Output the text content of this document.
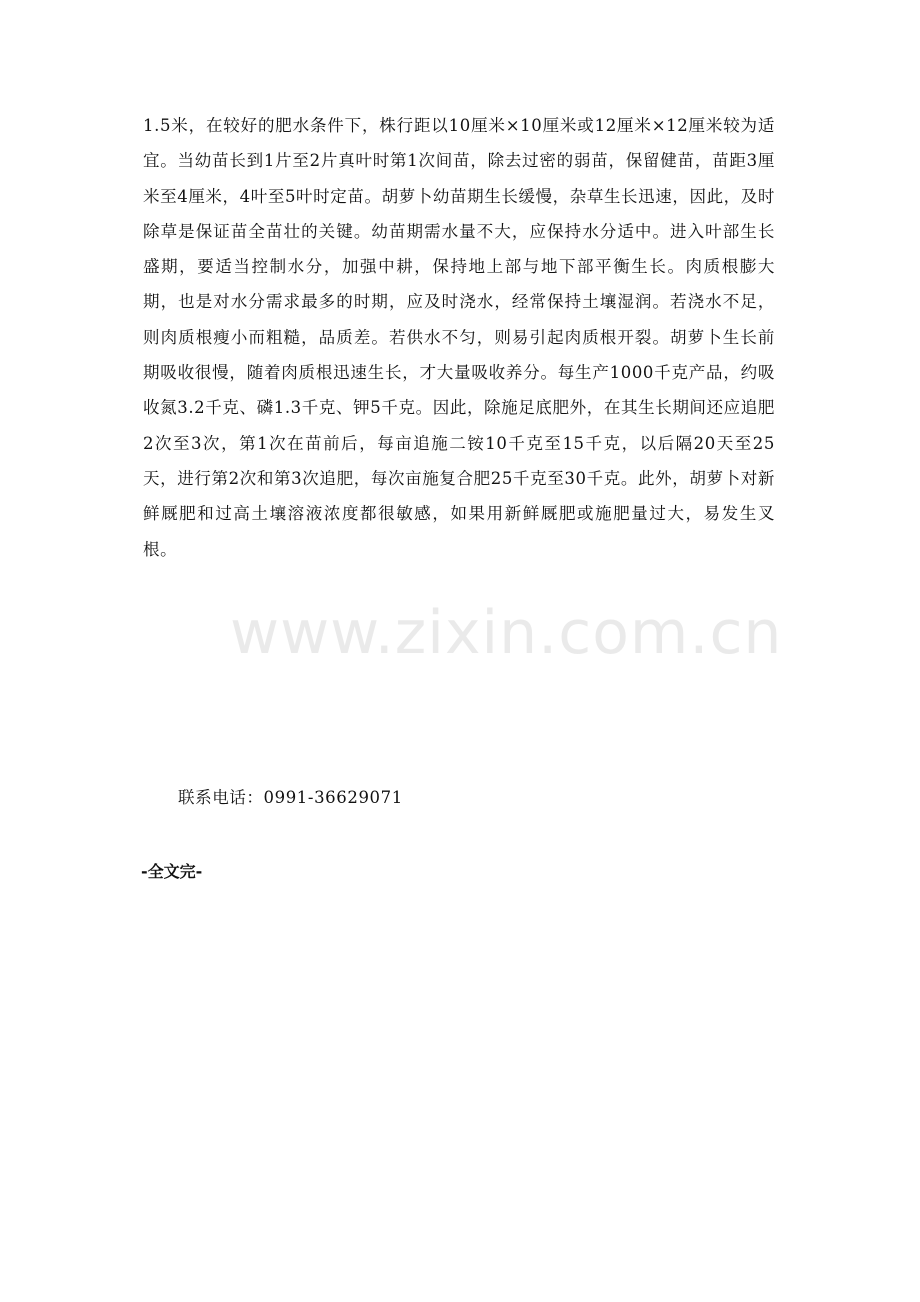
www.zixin.com.cn

1.5米，在较好的肥水条件下，株行距以10厘米×10厘米或12厘米×12厘米较为适宜。当幼苗长到1片至2片真叶时第1次间苗，除去过密的弱苗，保留健苗，苗距3厘米至4厘米，4叶至5叶时定苗。胡萝卜幼苗期生长缓慢，杂草生长迅速，因此，及时除草是保证苗全苗壮的关键。幼苗期需水量不大，应保持水分适中。进入叶部生长盛期，要适当控制水分，加强中耕，保持地上部与地下部平衡生长。肉质根膨大期，也是对水分需求最多的时期，应及时浇水，经常保持土壤湿润。若浇水不足，则肉质根瘦小而粗糙，品质差。若供水不匀，则易引起肉质根开裂。胡萝卜生长前期吸收很慢，随着肉质根迅速生长，才大量吸收养分。每生产1000千克产品，约吸收氮3.2千克、磷1.3千克、钾5千克。因此，除施足底肥外，在其生长期间还应追肥2次至3次，第1次在苗前后，每亩追施二铵10千克至15千克，以后隔20天至25天，进行第2次和第3次追肥，每次亩施复合肥25千克至30千克。此外，胡萝卜对新鲜厩肥和过高土壤溶液浓度都很敏感，如果用新鲜厩肥或施肥量过大，易发生叉根。

联系电话：0991-36629071

-全文完-
